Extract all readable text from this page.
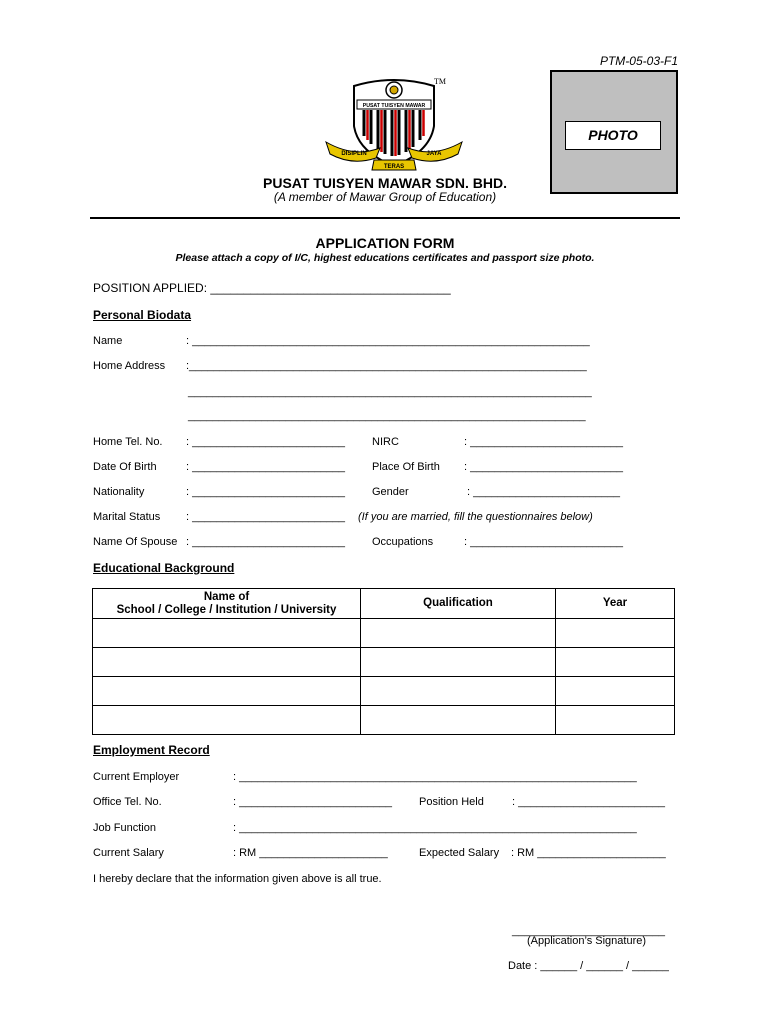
PTM-05-03-F1

TM
PUSAT TUISYEN MAWAR
DISIPLIN	JAYA
TERAS

PHOTO
PUSAT TUISYEN MAWAR SDN. BHD.
(A member of Mawar Group of Education)
APPLICATION FORM
Please attach a copy of I/C, highest educations certificates and passport size photo.
POSITION APPLIED: ____________________________________
Personal Biodata
Name	: _________________________________________________________________
Home Address :_________________________________________________________________
__________________________________________________________________
_________________________________________________________________
Home Tel. No. : _________________________ NIRC	: _________________________
Date Of Birth	: _________________________ Place Of Birth : _________________________
Nationality	: _________________________ Gender	: ________________________
Marital Status : _________________________ (If you are married, fill the questionnaires below)
Name Of Spouse : _________________________ Occupations	: _________________________
Educational Background
Name of
School / College / Institution / University	Qualification	Year

Employment Record
Current Employer	: _________________________________________________________________
Office Tel. No.	: _________________________ Position Held	: ________________________
Job Function	: _________________________________________________________________
Current Salary	: RM _____________________	Expected Salary : RM _____________________
I hereby declare that the information given above is all true.
_________________________
(Application’s Signature)
Date : ______ / ______ / ______
